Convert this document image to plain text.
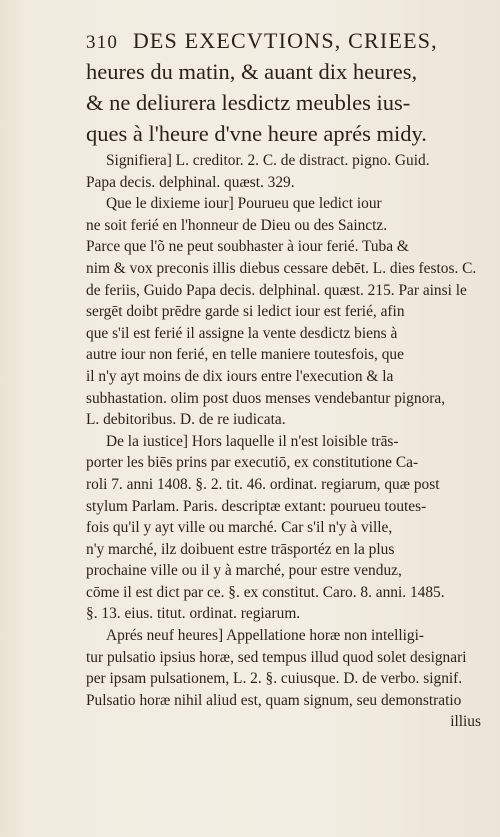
310 DES EXECVTIONS, CRIEES,
heures du matin, & auant dix heures,
& ne deliurera lesdictz meubles ius-
ques à l'heure d'vne heure aprés midy.
Signifiera] L. creditor. 2. C. de distract. pigno. Guid.
Papa decis. delphinal. quæst. 329.
Que le dixieme iour] Pourueu que ledict iour
ne soit ferié en l'honneur de Dieu ou des Sainctz.
Parce que l'õ ne peut soubhaster à iour ferié. Tuba &
nim & vox preconis illis diebus cessare debēt. L. dies festos. C.
de feriis, Guido Papa decis. delphinal. quæst. 215. Par ainsi le
sergēt doibt prēdre garde si ledict iour est ferié, afin
que s'il est ferié il assigne la vente desdictz biens à
autre iour non ferié, en telle maniere toutesfois, que
il n'y ayt moins de dix iours entre l'execution & la
subhastation. olim post duos menses vendebantur pignora,
L. debitoribus. D. de re iudicata.
De la iustice] Hors laquelle il n'est loisible trās-
porter les biēs prins par executiō, ex constitutione Ca-
roli 7. anni 1408. §. 2. tit. 46. ordinat. regiarum, quæ post
stylum Parlam. Paris. descriptæ extant: pourueu toutes-
fois qu'il y ayt ville ou marché. Car s'il n'y à ville,
n'y marché, ilz doibuent estre trāsportéz en la plus
prochaine ville ou il y à marché, pour estre venduz,
cōme il est dict par ce. §. ex constitut. Caro. 8. anni. 1485.
§. 13. eius. titut. ordinat. regiarum.
Aprés neuf heures] Appellatione horæ non intelligi-
tur pulsatio ipsius horæ, sed tempus illud quod solet designari
per ipsam pulsationem, L. 2. §. cuiusque. D. de verbo. signif.
Pulsatio horæ nihil aliud est, quam signum, seu demonstratio
illius
